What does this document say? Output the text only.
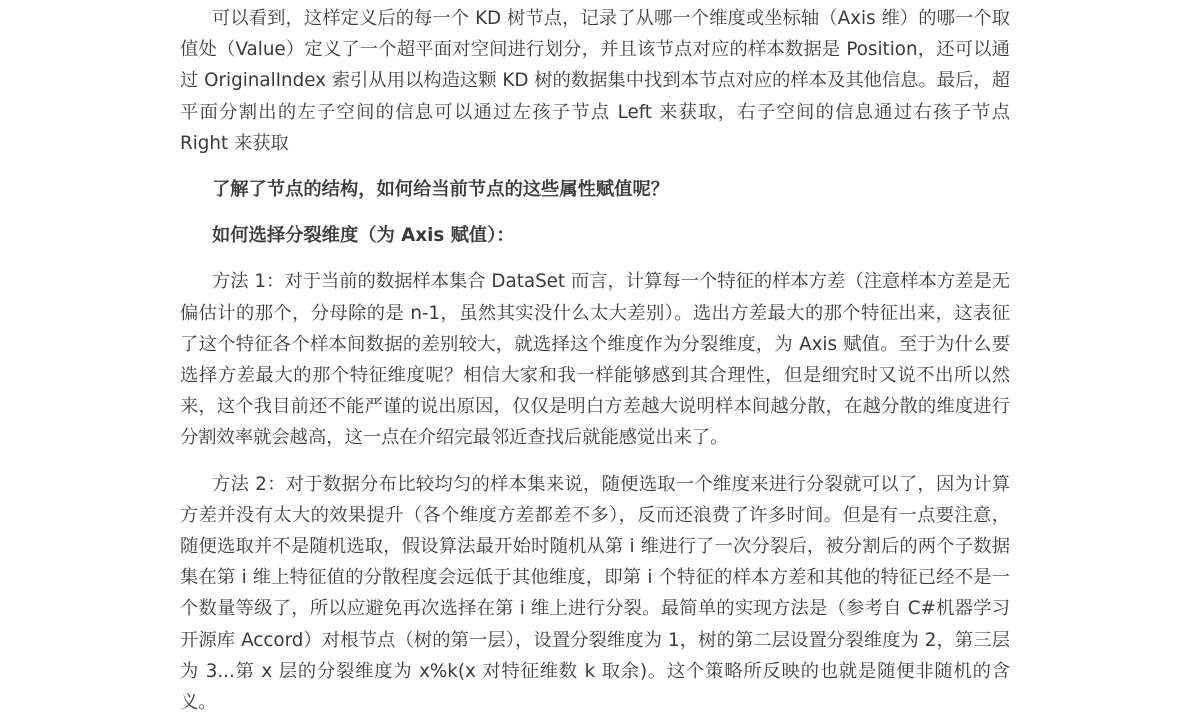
可以看到，这样定义后的每一个 KD 树节点，记录了从哪一个维度或坐标轴（Axis 维）的哪一个取值处（Value）定义了一个超平面对空间进行划分，并且该节点对应的样本数据是 Position，还可以通过 OriginalIndex 索引从用以构造这颗 KD 树的数据集中找到本节点对应的样本及其他信息。最后，超平面分割出的左子空间的信息可以通过左孩子节点 Left 来获取，右子空间的信息通过右孩子节点 Right 来获取

了解了节点的结构，如何给当前节点的这些属性赋值呢？

如何选择分裂维度（为 Axis 赋值）：

方法 1：对于当前的数据样本集合 DataSet 而言，计算每一个特征的样本方差（注意样本方差是无偏估计的那个，分母除的是 n-1，虽然其实没什么太大差别）。选出方差最大的那个特征出来，这表征了这个特征各个样本间数据的差别较大，就选择这个维度作为分裂维度，为 Axis 赋值。至于为什么要选择方差最大的那个特征维度呢？相信大家和我一样能够感到其合理性，但是细究时又说不出所以然来，这个我目前还不能严谨的说出原因，仅仅是明白方差越大说明样本间越分散，在越分散的维度进行分割效率就会越高，这一点在介绍完最邻近查找后就能感觉出来了。

方法 2：对于数据分布比较均匀的样本集来说，随便选取一个维度来进行分裂就可以了，因为计算方差并没有太大的效果提升（各个维度方差都差不多），反而还浪费了许多时间。但是有一点要注意，随便选取并不是随机选取，假设算法最开始时随机从第 i 维进行了一次分裂后，被分割后的两个子数据集在第 i 维上特征值的分散程度会远低于其他维度，即第 i 个特征的样本方差和其他的特征已经不是一个数量等级了，所以应避免再次选择在第 i 维上进行分裂。最简单的实现方法是（参考自 C#机器学习开源库 Accord）对根节点（树的第一层），设置分裂维度为 1，树的第二层设置分裂维度为 2，第三层为 3...第 x 层的分裂维度为 x%k(x 对特征维数 k 取余)。这个策略所反映的也就是随便非随机的含义。
